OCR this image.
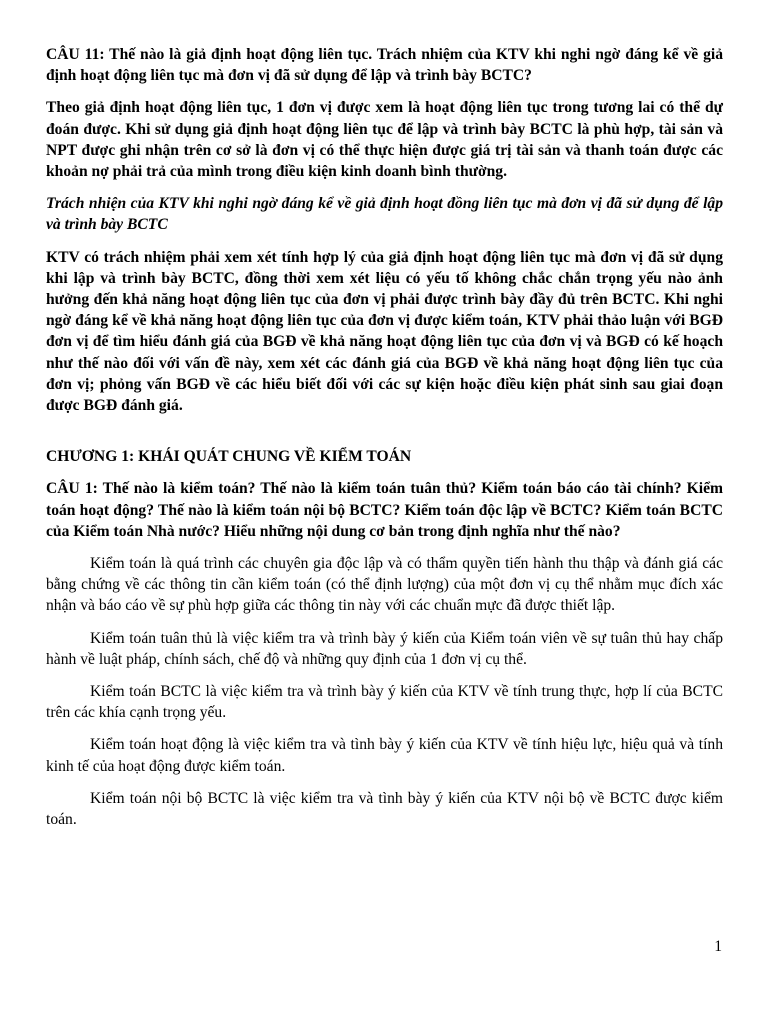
CÂU 11: Thế nào là giả định hoạt động liên tục. Trách nhiệm của KTV khi nghi ngờ đáng kể về giả định hoạt động liên tục mà đơn vị đã sử dụng để lập và trình bày BCTC?

Theo giả định hoạt động liên tục, 1 đơn vị được xem là hoạt động liên tục trong tương lai có thể dự đoán được. Khi sử dụng giả định hoạt động liên tục để lập và trình bày BCTC là phù hợp, tài sản và NPT được ghi nhận trên cơ sở là đơn vị có thể thực hiện được giá trị tài sản và thanh toán được các khoản nợ phải trả của mình trong điều kiện kinh doanh bình thường.

Trách nhiện của KTV khi nghi ngờ đáng kể về giả định hoạt đồng liên tục mà đơn vị đã sử dụng để lập và trình bày BCTC

KTV có trách nhiệm phải xem xét tính hợp lý của giả định hoạt động liên tục mà đơn vị đã sử dụng khi lập và trình bày BCTC, đồng thời xem xét liệu có yếu tố không chắc chắn trọng yếu nào ảnh hưởng đến khả năng hoạt động liên tục của đơn vị phải được trình bày đầy đủ trên BCTC. Khi nghi ngờ đáng kể về khả năng hoạt động liên tục của đơn vị được kiểm toán, KTV phải thảo luận với BGĐ đơn vị để tìm hiểu đánh giá của BGĐ về khả năng hoạt động liên tục của đơn vị và BGĐ có kế hoạch như thế nào đối với vấn đề này, xem xét các đánh giá của BGĐ về khả năng hoạt động liên tục của đơn vị; phỏng vấn BGĐ về các hiểu biết đối với các sự kiện hoặc điều kiện phát sinh sau giai đoạn được BGĐ đánh giá.

CHƯƠNG 1: KHÁI QUÁT CHUNG VỀ KIỂM TOÁN

CÂU 1: Thế nào là kiểm toán? Thế nào là kiểm toán tuân thủ? Kiểm toán báo cáo tài chính? Kiểm toán hoạt động? Thế nào là kiểm toán nội bộ BCTC? Kiểm toán độc lập về BCTC? Kiểm toán BCTC của Kiểm toán Nhà nước? Hiểu những nội dung cơ bản trong định nghĩa như thế nào?

Kiểm toán là quá trình các chuyên gia độc lập và có thẩm quyền tiến hành thu thập và đánh giá các bằng chứng về các thông tin cần kiểm toán (có thể định lượng) của một đơn vị cụ thể nhằm mục đích xác nhận và báo cáo về sự phù hợp giữa các thông tin này với các chuẩn mực đã được thiết lập.

Kiểm toán tuân thủ là việc kiểm tra và trình bày ý kiến của Kiểm toán viên về sự tuân thủ hay chấp hành về luật pháp, chính sách, chế độ và những quy định của 1 đơn vị cụ thể.

Kiểm toán BCTC là việc kiểm tra và trình bày ý kiến của KTV về tính trung thực, hợp lí của BCTC trên các khía cạnh trọng yếu.

Kiểm toán hoạt động là việc kiểm tra và tình bày ý kiến của KTV về tính hiệu lực, hiệu quả và tính kinh tế của hoạt động được kiểm toán.

Kiểm toán nội bộ BCTC là việc kiểm tra và tình bày ý kiến của KTV nội bộ về BCTC được kiểm toán.

1
